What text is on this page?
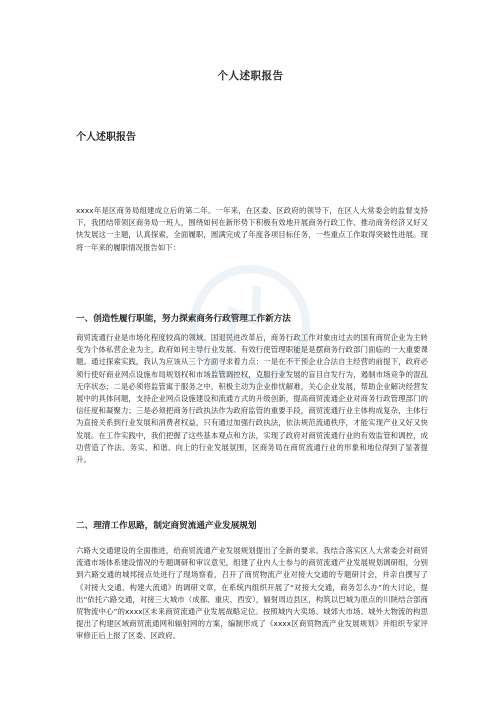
个人述职报告
个人述职报告

xxxx年是区商务局组建成立后的第二年。一年来，在区委、区政府的领导下，在区人大常委会的监督支持下，我团结带领区商务局一班人，围绕如何在新形势下积极有效地开展商务行政工作、推动商务经济又好又快发展这一主题，认真探索，全面履职，圆满完成了年度各项目标任务，一些重点工作取得突破性进展。现将一年来的履职情况报告如下：

一、创造性履行职能，努力探索商务行政管理工作新方法

商贸流通行业是市场化程度较高的领域。国退民进改革后，商务行政工作对象由过去的国有商贸企业为主转变为个体私营企业为主，政府如何主导行业发展、有效行使管理职能是是摆商务行政部门面临的一大重要课题。通过探索实践，我认为应该从三个方面寻求着力点：一是在不干预企业合法自主经营的前提下，政府必须行使好商业网点设施布局规划权和市场监管调控权，克服行业发展的盲目自发行为，遏制市场竞争的混乱无序状态；二是必须将监管寓于服务之中，积极主动为企业排忧解难，关心企业发展，帮助企业解决经营发展中的具体问题，支持企业网点设施建设和流通方式的升级创新，提高商贸流通企业对商务行政管理部门的信任度和凝聚力；三是必须把商务行政执法作为政府监管的重要手段，商贸流通行业主体构成复杂，主体行为直接关系到行业发展和消费者权益，只有通过加强行政执法，依法规范流通秩序，才能实现产业又好又快发展。在工作实践中，我们把握了这些基本观点和方法，实现了政府对商贸流通行业的有效监管和调控，成功营造了作法、务实、和谐、向上的行业发展氛围，区商务局在商贸流通行业的形象和地位得到了显著提升。

二、理清工作思路，制定商贸流通产业发展规划

六路大交通建设的全面推进，给商贸流通产业发展规划提出了全新的要求。我结合落实区人大常委会对商贸流通市场体系建设情况的专题调研和审议意见，组建了业内人士参与的商贸流通产业发展规划调研组，分别到六路交通的城邦接点处进行了现场察看，召开了商贸物流产业对接大交通的专题研讨会，并亲自撰写了《对接大交通、构建大流通》的调研文章，在系统内组织开展了“对接大交通，商务怎么办”的大讨论，提出“依托六路交通，对接三大城市（成都、重庆、西安），辐射周边县区，构筑以巴城为原点的川陕结合部商贸物流中心”的xxxx区未来商贸流通产业发展战略定位。按照城内大卖场、城郊大市场、城外大物流的构思提出了构建区域商贸流通网和辐射网的方案，编制形成了《xxxx区商贸物流产业发展规划》并组织专家评审修正后上报了区委、区政府。
